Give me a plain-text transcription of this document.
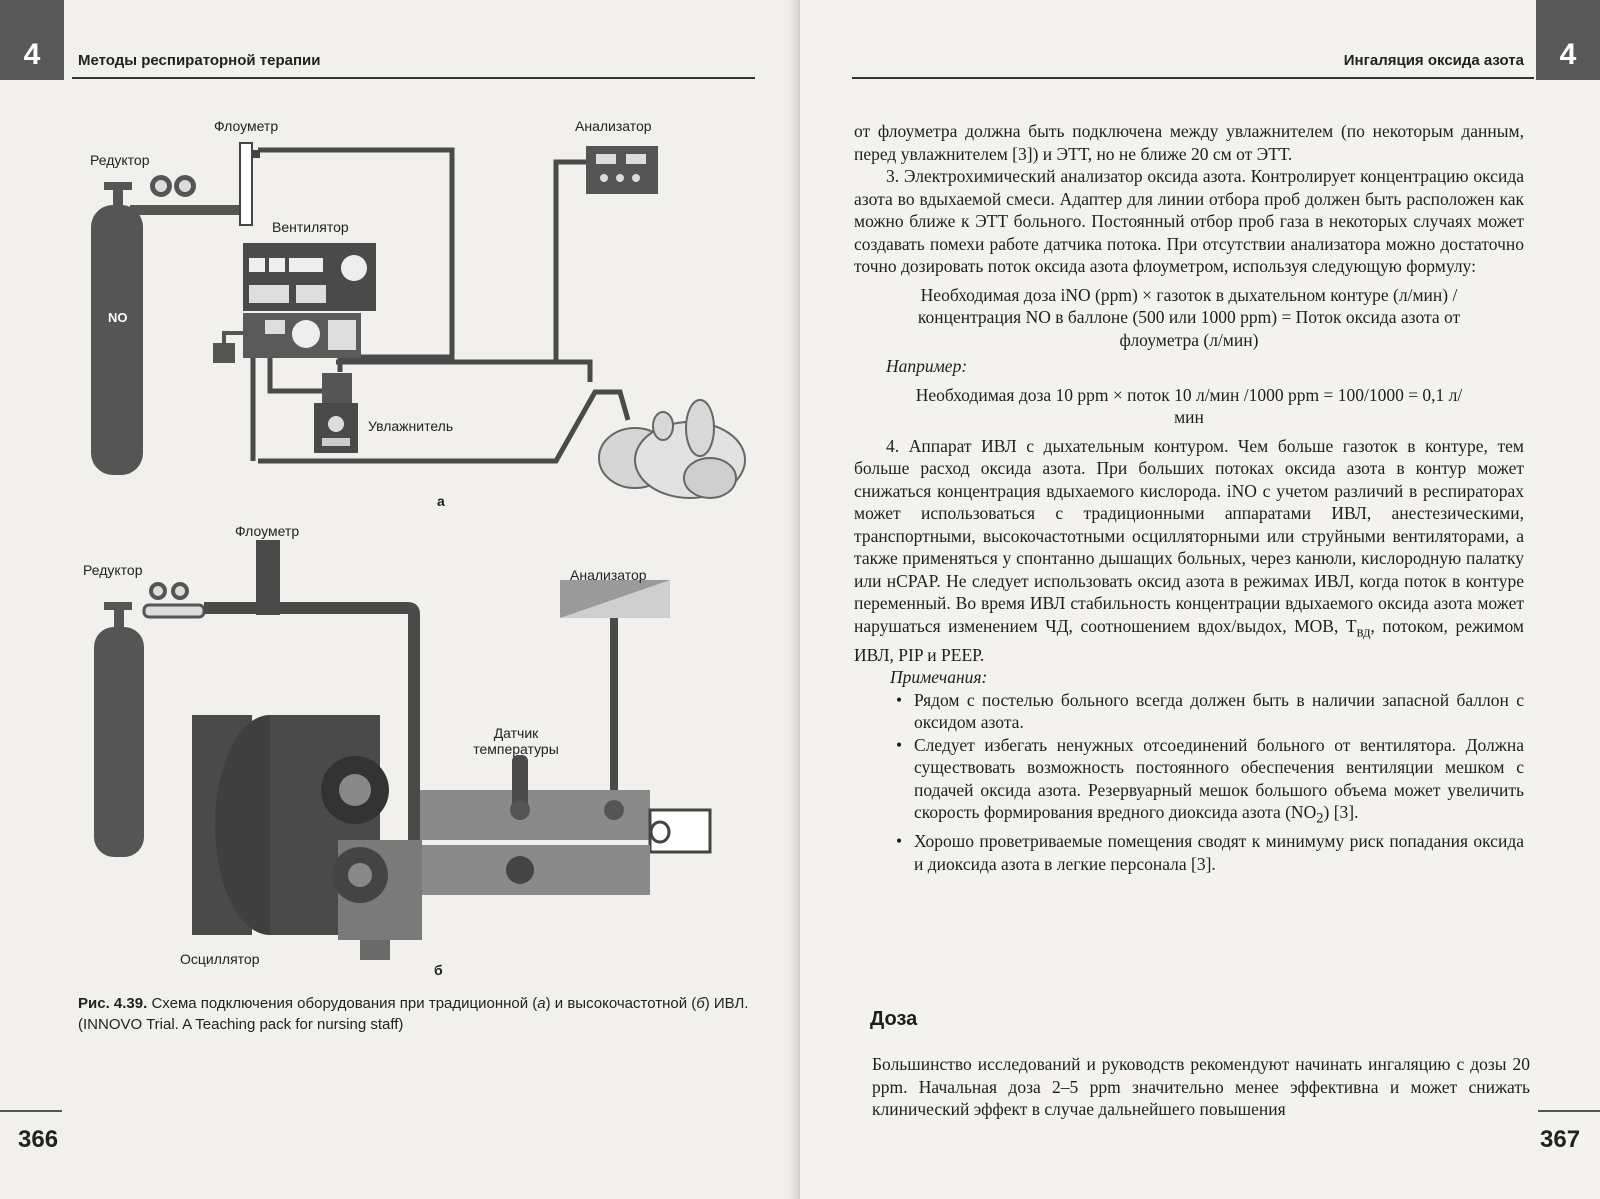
4	Методы респираторной терапии
NO
Флоуметр
Редуктор
Анализатор
Вентилятор
Увлажнитель
а
Флоуметр
Редуктор	Анализатор
Датчик температуры
Осциллятор
б
Рис. 4.39. Схема подключения оборудования при традиционной (а) и высокочастотной (б) ИВЛ. (INNOVO Trial. A Teaching pack for nursing staff)
366
4
Ингаляция оксида азота

от флоуметра должна быть подключена между увлажнителем (по некоторым данным, перед увлажнителем [3]) и ЭТТ, но не ближе 20 см от ЭТТ.

3. Электрохимический анализатор оксида азота. Контролирует концентрацию оксида азота во вдыхаемой смеси. Адаптер для линии отбора проб должен быть расположен как можно ближе к ЭТТ больного. Постоянный отбор проб газа в некоторых случаях может создавать помехи работе датчика потока. При отсутствии анализатора можно достаточно точно дозировать поток оксида азота флоуметром, используя следующую формулу:

Необходимая доза iNO (ppm) × газоток в дыхательном контуре (л/мин) / концентрация NO в баллоне (500 или 1000 ppm) = Поток оксида азота от флоуметра (л/мин)

Например:

Необходимая доза 10 ppm × поток 10 л/мин /1000 ppm = 100/1000 = 0,1 л/мин

4. Аппарат ИВЛ с дыхательным контуром. Чем больше газоток в контуре, тем больше расход оксида азота. При больших потоках оксида азота в контур может снижаться концентрация вдыхаемого кислорода. iNO с учетом различий в респираторах может использоваться с традиционными аппаратами ИВЛ, анестезическими, транспортными, высокочастотными осцилляторными или струйными вентиляторами, а также применяться у спонтанно дышащих больных, через канюли, кислородную палатку или нCPAP. Не следует использовать оксид азота в режимах ИВЛ, когда поток в контуре переменный. Во время ИВЛ стабильность концентрации вдыхаемого оксида азота может нарушаться изменением ЧД, соотношением вдох/выдох, МОВ, $Т_{вд}$, потоком, режимом ИВЛ, PIP и PEEP.

Примечания:

• Рядом с постелью больного всегда должен быть в наличии запасной баллон с оксидом азота.
• Следует избегать ненужных отсоединений больного от вентилятора. Должна существовать возможность постоянного обеспечения вентиляции мешком с подачей оксида азота. Резервуарный мешок большого объема может увеличить скорость формирования вредного диоксида азота $(NO_2)$ [3].
• Хорошо проветриваемые помещения сводят к минимуму риск попадания оксида и диоксида азота в легкие персонала [3].
Доза
Большинство исследований и руководств рекомендуют начинать ингаляцию с дозы 20 ppm. Начальная доза 2–5 ppm значительно менее эффективна и может снижать клинический эффект в случае дальнейшего повышения
367
